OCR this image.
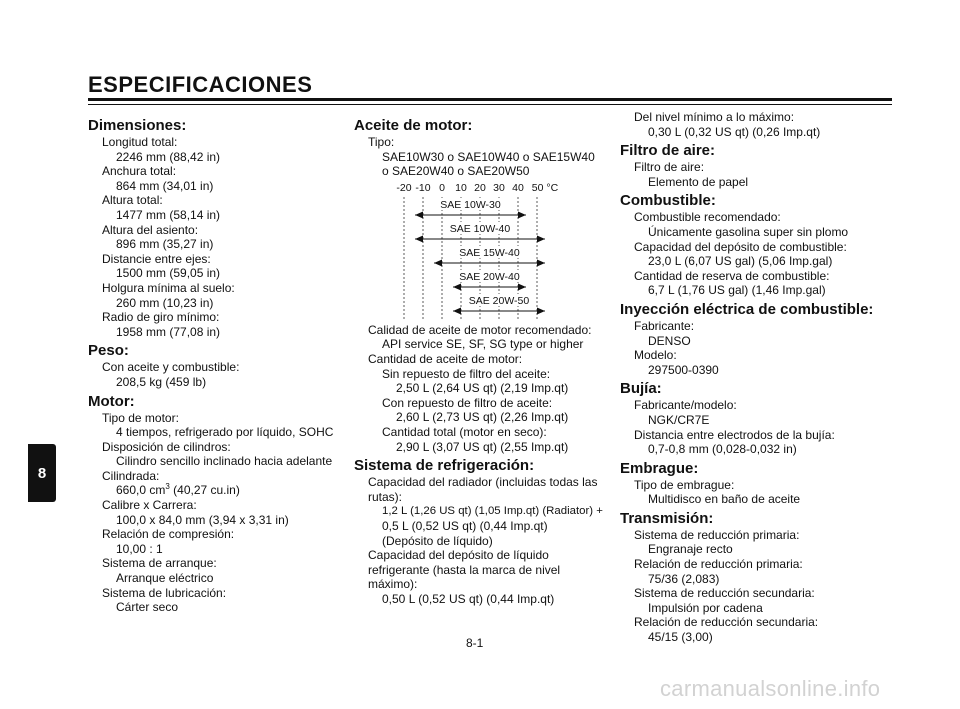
ESPECIFICACIONES
8
Dimensiones:
Longitud total:
2246 mm (88,42 in)
Anchura total:
864 mm (34,01 in)
Altura total:
1477 mm (58,14 in)
Altura del asiento:
896 mm (35,27 in)
Distancie entre ejes:
1500 mm (59,05 in)
Holgura mínima al suelo:
260 mm (10,23 in)
Radio de giro mínimo:
1958 mm (77,08 in)
Peso:
Con aceite y combustible:
208,5 kg (459 lb)
Motor:
Tipo de motor:
4 tiempos, refrigerado por líquido, SOHC
Disposición de cilindros:
Cilindro sencillo inclinado hacia adelante
Cilindrada:
660,0 $cm^3$ (40,27 cu.in)
Calibre x Carrera:
100,0 x 84,0 mm (3,94 x 3,31 in)
Relación de compresión:
10,00 : 1
Sistema de arranque:
Arranque eléctrico
Sistema de lubricación:
Cárter seco
Aceite de motor:
Tipo:
SAE10W30 o SAE10W40 o SAE15W40
o SAE20W40 o SAE20W50
-20 -10 0 10 20 30 40 50 °C
SAE 10W-30
SAE 10W-40
SAE 15W-40
SAE 20W-40
SAE 20W-50
Calidad de aceite de motor recomendado:
API service SE, SF, SG type or higher
Cantidad de aceite de motor:
Sin repuesto de filtro del aceite:
2,50 L (2,64 US qt) (2,19 Imp.qt)
Con repuesto de filtro de aceite:
2,60 L (2,73 US qt) (2,26 Imp.qt)
Cantidad total (motor en seco):
2,90 L (3,07 US qt) (2,55 Imp.qt)
Sistema de refrigeración:
Capacidad del radiador (incluidas todas las
rutas):
1,2 L (1,26 US qt) (1,05 Imp.qt) (Radiator) +
0,5 L (0,52 US qt) (0,44 Imp.qt)
(Depósito de líquido)
Capacidad del depósito de líquido
refrigerante (hasta la marca de nivel
máximo):
0,50 L (0,52 US qt) (0,44 Imp.qt)
Del nivel mínimo a lo máximo:
0,30 L (0,32 US qt) (0,26 Imp.qt)
Filtro de aire:
Filtro de aire:
Elemento de papel
Combustible:
Combustible recomendado:
Únicamente gasolina super sin plomo
Capacidad del depósito de combustible:
23,0 L (6,07 US gal) (5,06 Imp.gal)
Cantidad de reserva de combustible:
6,7 L (1,76 US gal) (1,46 Imp.gal)
Inyección eléctrica de combustible:
Fabricante:
DENSO
Modelo:
297500-0390
Bujía:
Fabricante/modelo:
NGK/CR7E
Distancia entre electrodos de la bujía:
0,7-0,8 mm (0,028-0,032 in)
Embrague:
Tipo de embrague:
Multidisco en baño de aceite
Transmisión:
Sistema de reducción primaria:
Engranaje recto
Relación de reducción primaria:
75/36 (2,083)
Sistema de reducción secundaria:
Impulsión por cadena
Relación de reducción secundaria:
45/15 (3,00)
8-1
carmanualsonline.info
